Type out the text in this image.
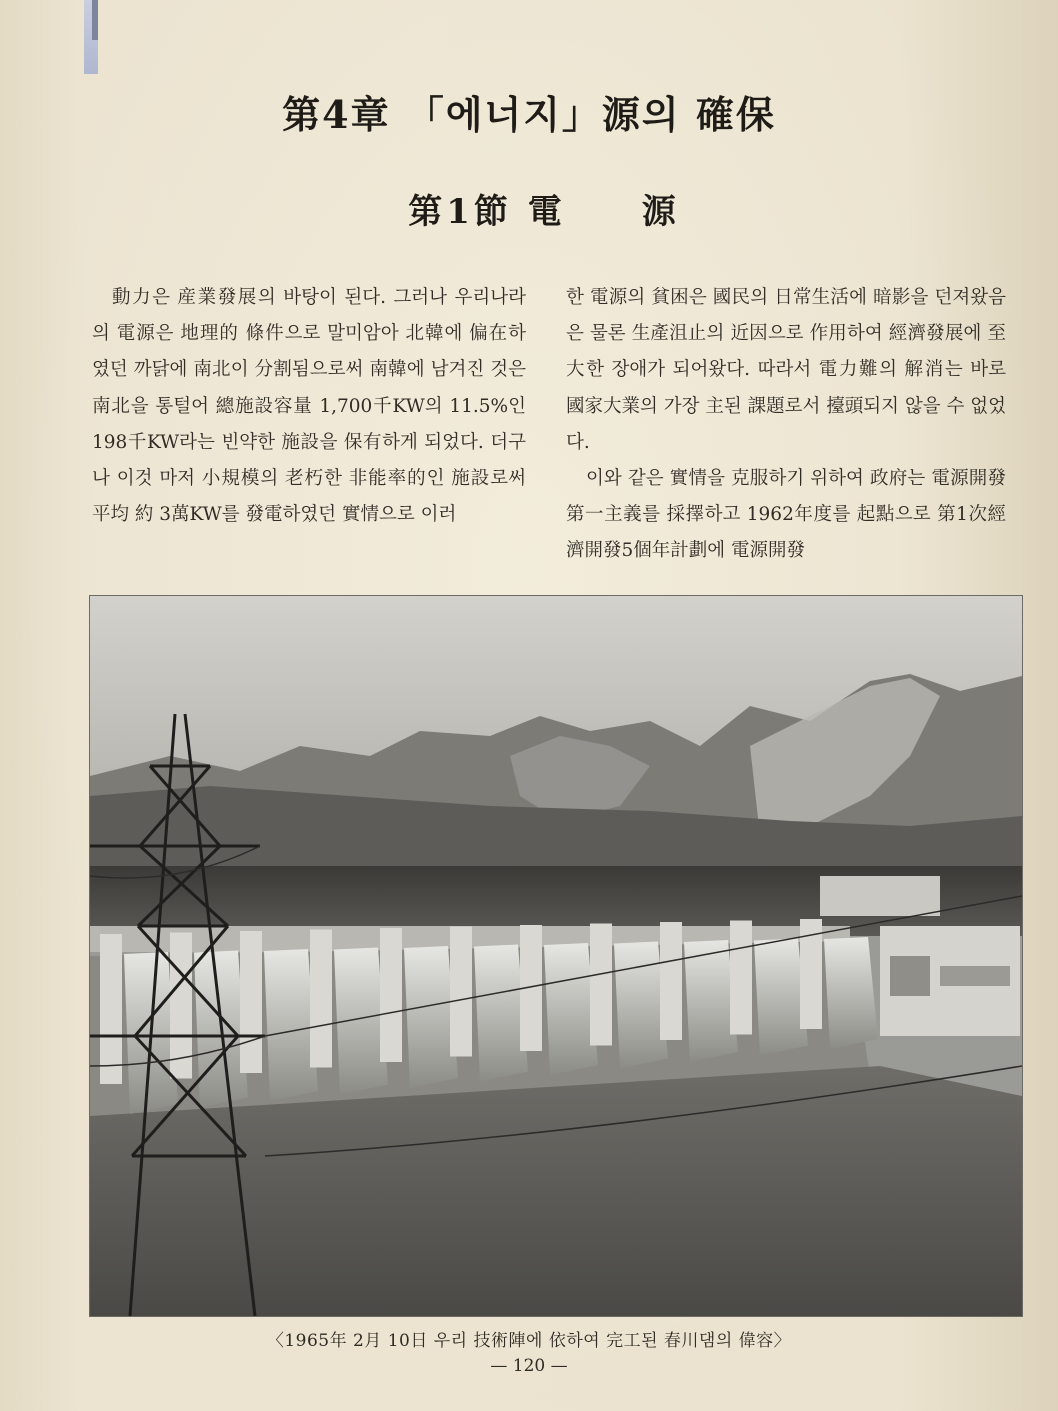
第4章 「에너지」源의 確保
第1節 電　　源

動力은 産業發展의 바탕이 된다. 그러나 우리나라의 電源은 地理的 條件으로 말미암아 北韓에 偏在하였던 까닭에 南北이 分割됨으로써 南韓에 남겨진 것은 南北을 통털어 總施設容量 1,700千KW의 11.5%인 198千KW라는 빈약한 施設을 保有하게 되었다. 더구나 이것 마저 小規模의 老朽한 非能率的인 施設로써 平均 約 3萬KW를 發電하였던 實情으로 이러

한 電源의 貧困은 國民의 日常生活에 暗影을 던져왔음은 물론 生產沮止의 近因으로 作用하여 經濟發展에 至大한 장애가 되어왔다. 따라서 電力難의 解消는 바로 國家大業의 가장 主된 課題로서 擡頭되지 않을 수 없었다.

이와 같은 實情을 克服하기 위하여 政府는 電源開發 第一主義를 採擇하고 1962年度를 起點으로 第1次經濟開發5個年計劃에 電源開發

〈1965年 2月 10日 우리 技術陣에 依하여 完工된 春川댐의 偉容〉
— 120 —
